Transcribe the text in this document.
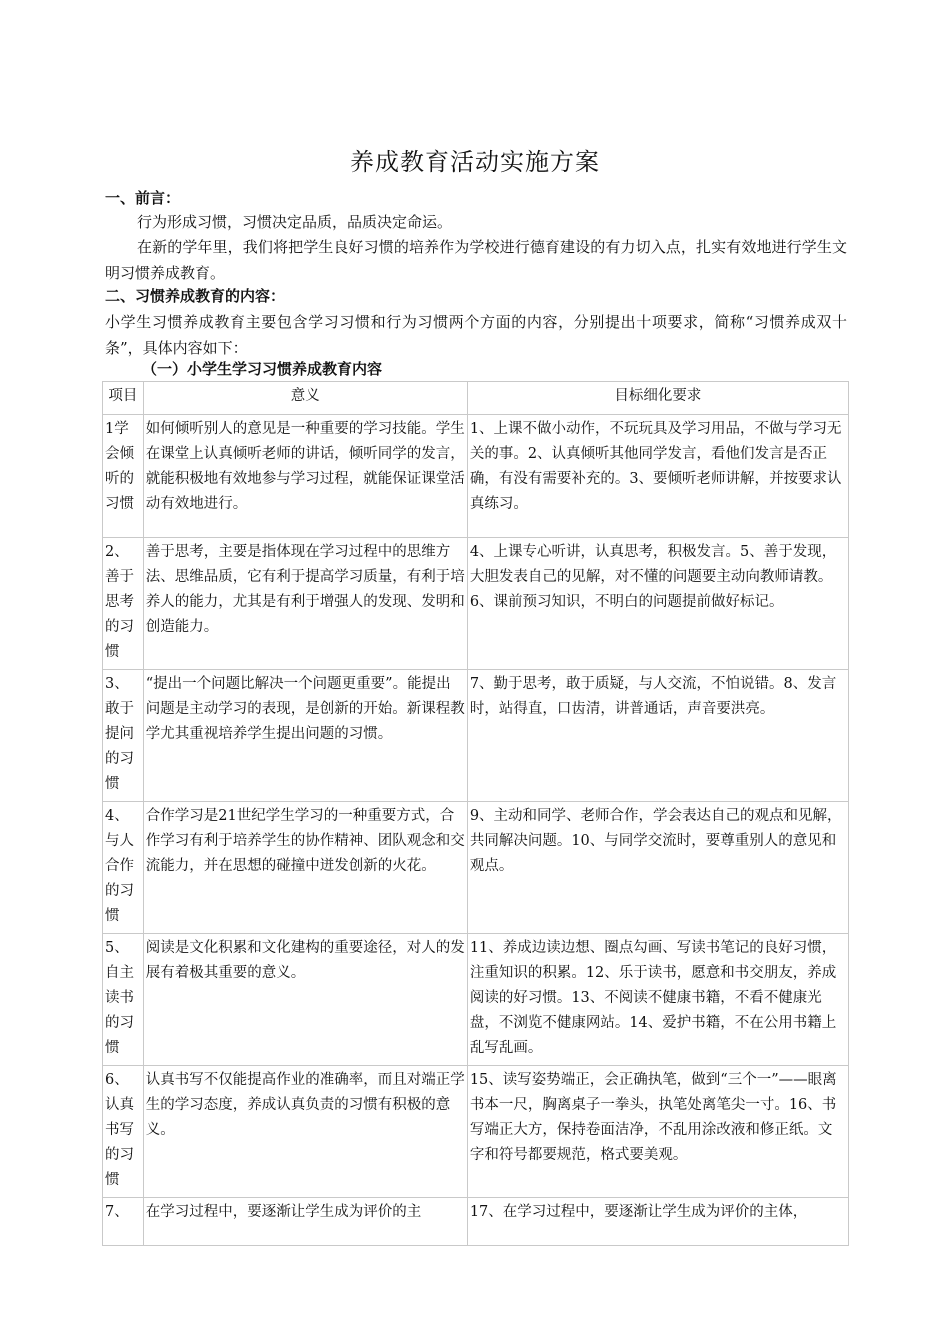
养成教育活动实施方案
一、前言：
行为形成习惯，习惯决定品质，品质决定命运。
在新的学年里，我们将把学生良好习惯的培养作为学校进行德育建设的有力切入点，扎实有效地进行学生文明习惯养成教育。
二、习惯养成教育的内容：
小学生习惯养成教育主要包含学习习惯和行为习惯两个方面的内容，分别提出十项要求，简称“习惯养成双十条”，具体内容如下：
（一）小学生学习习惯养成教育内容
项目	意义	目标细化要求
1学会倾听的习惯	如何倾听别人的意见是一种重要的学习技能。学生在课堂上认真倾听老师的讲话，倾听同学的发言，就能积极地有效地参与学习过程，就能保证课堂活动有效地进行。	1、上课不做小动作，不玩玩具及学习用品，不做与学习无关的事。2、认真倾听其他同学发言，看他们发言是否正确，有没有需要补充的。3、要倾听老师讲解，并按要求认真练习。
2、善于思考的习惯	善于思考，主要是指体现在学习过程中的思维方法、思维品质，它有利于提高学习质量，有利于培养人的能力，尤其是有利于增强人的发现、发明和创造能力。	4、上课专心听讲，认真思考，积极发言。5、善于发现，大胆发表自己的见解，对不懂的问题要主动向教师请教。6、课前预习知识，不明白的问题提前做好标记。
3、敢于提问的习惯	“提出一个问题比解决一个问题更重要”。能提出问题是主动学习的表现，是创新的开始。新课程教学尤其重视培养学生提出问题的习惯。	7、勤于思考，敢于质疑，与人交流，不怕说错。8、发言时，站得直，口齿清，讲普通话，声音要洪亮。
4、与人合作的习惯	合作学习是21世纪学生学习的一种重要方式，合作学习有利于培养学生的协作精神、团队观念和交流能力，并在思想的碰撞中迸发创新的火花。	9、主动和同学、老师合作，学会表达自己的观点和见解，共同解决问题。10、与同学交流时，要尊重别人的意见和观点。
5、自主读书的习惯	阅读是文化积累和文化建构的重要途径，对人的发展有着极其重要的意义。	11、养成边读边想、圈点勾画、写读书笔记的良好习惯，注重知识的积累。12、乐于读书，愿意和书交朋友，养成阅读的好习惯。13、不阅读不健康书籍，不看不健康光盘，不浏览不健康网站。14、爱护书籍，不在公用书籍上乱写乱画。
6、认真书写的习惯	认真书写不仅能提高作业的准确率，而且对端正学生的学习态度，养成认真负责的习惯有积极的意义。	15、读写姿势端正，会正确执笔，做到“三个一”——眼离书本一尺，胸离桌子一拳头，执笔处离笔尖一寸。16、书写端正大方，保持卷面洁净，不乱用涂改液和修正纸。文字和符号都要规范，格式要美观。
7、	在学习过程中，要逐渐让学生成为评价的主	17、在学习过程中，要逐渐让学生成为评价的主体，
